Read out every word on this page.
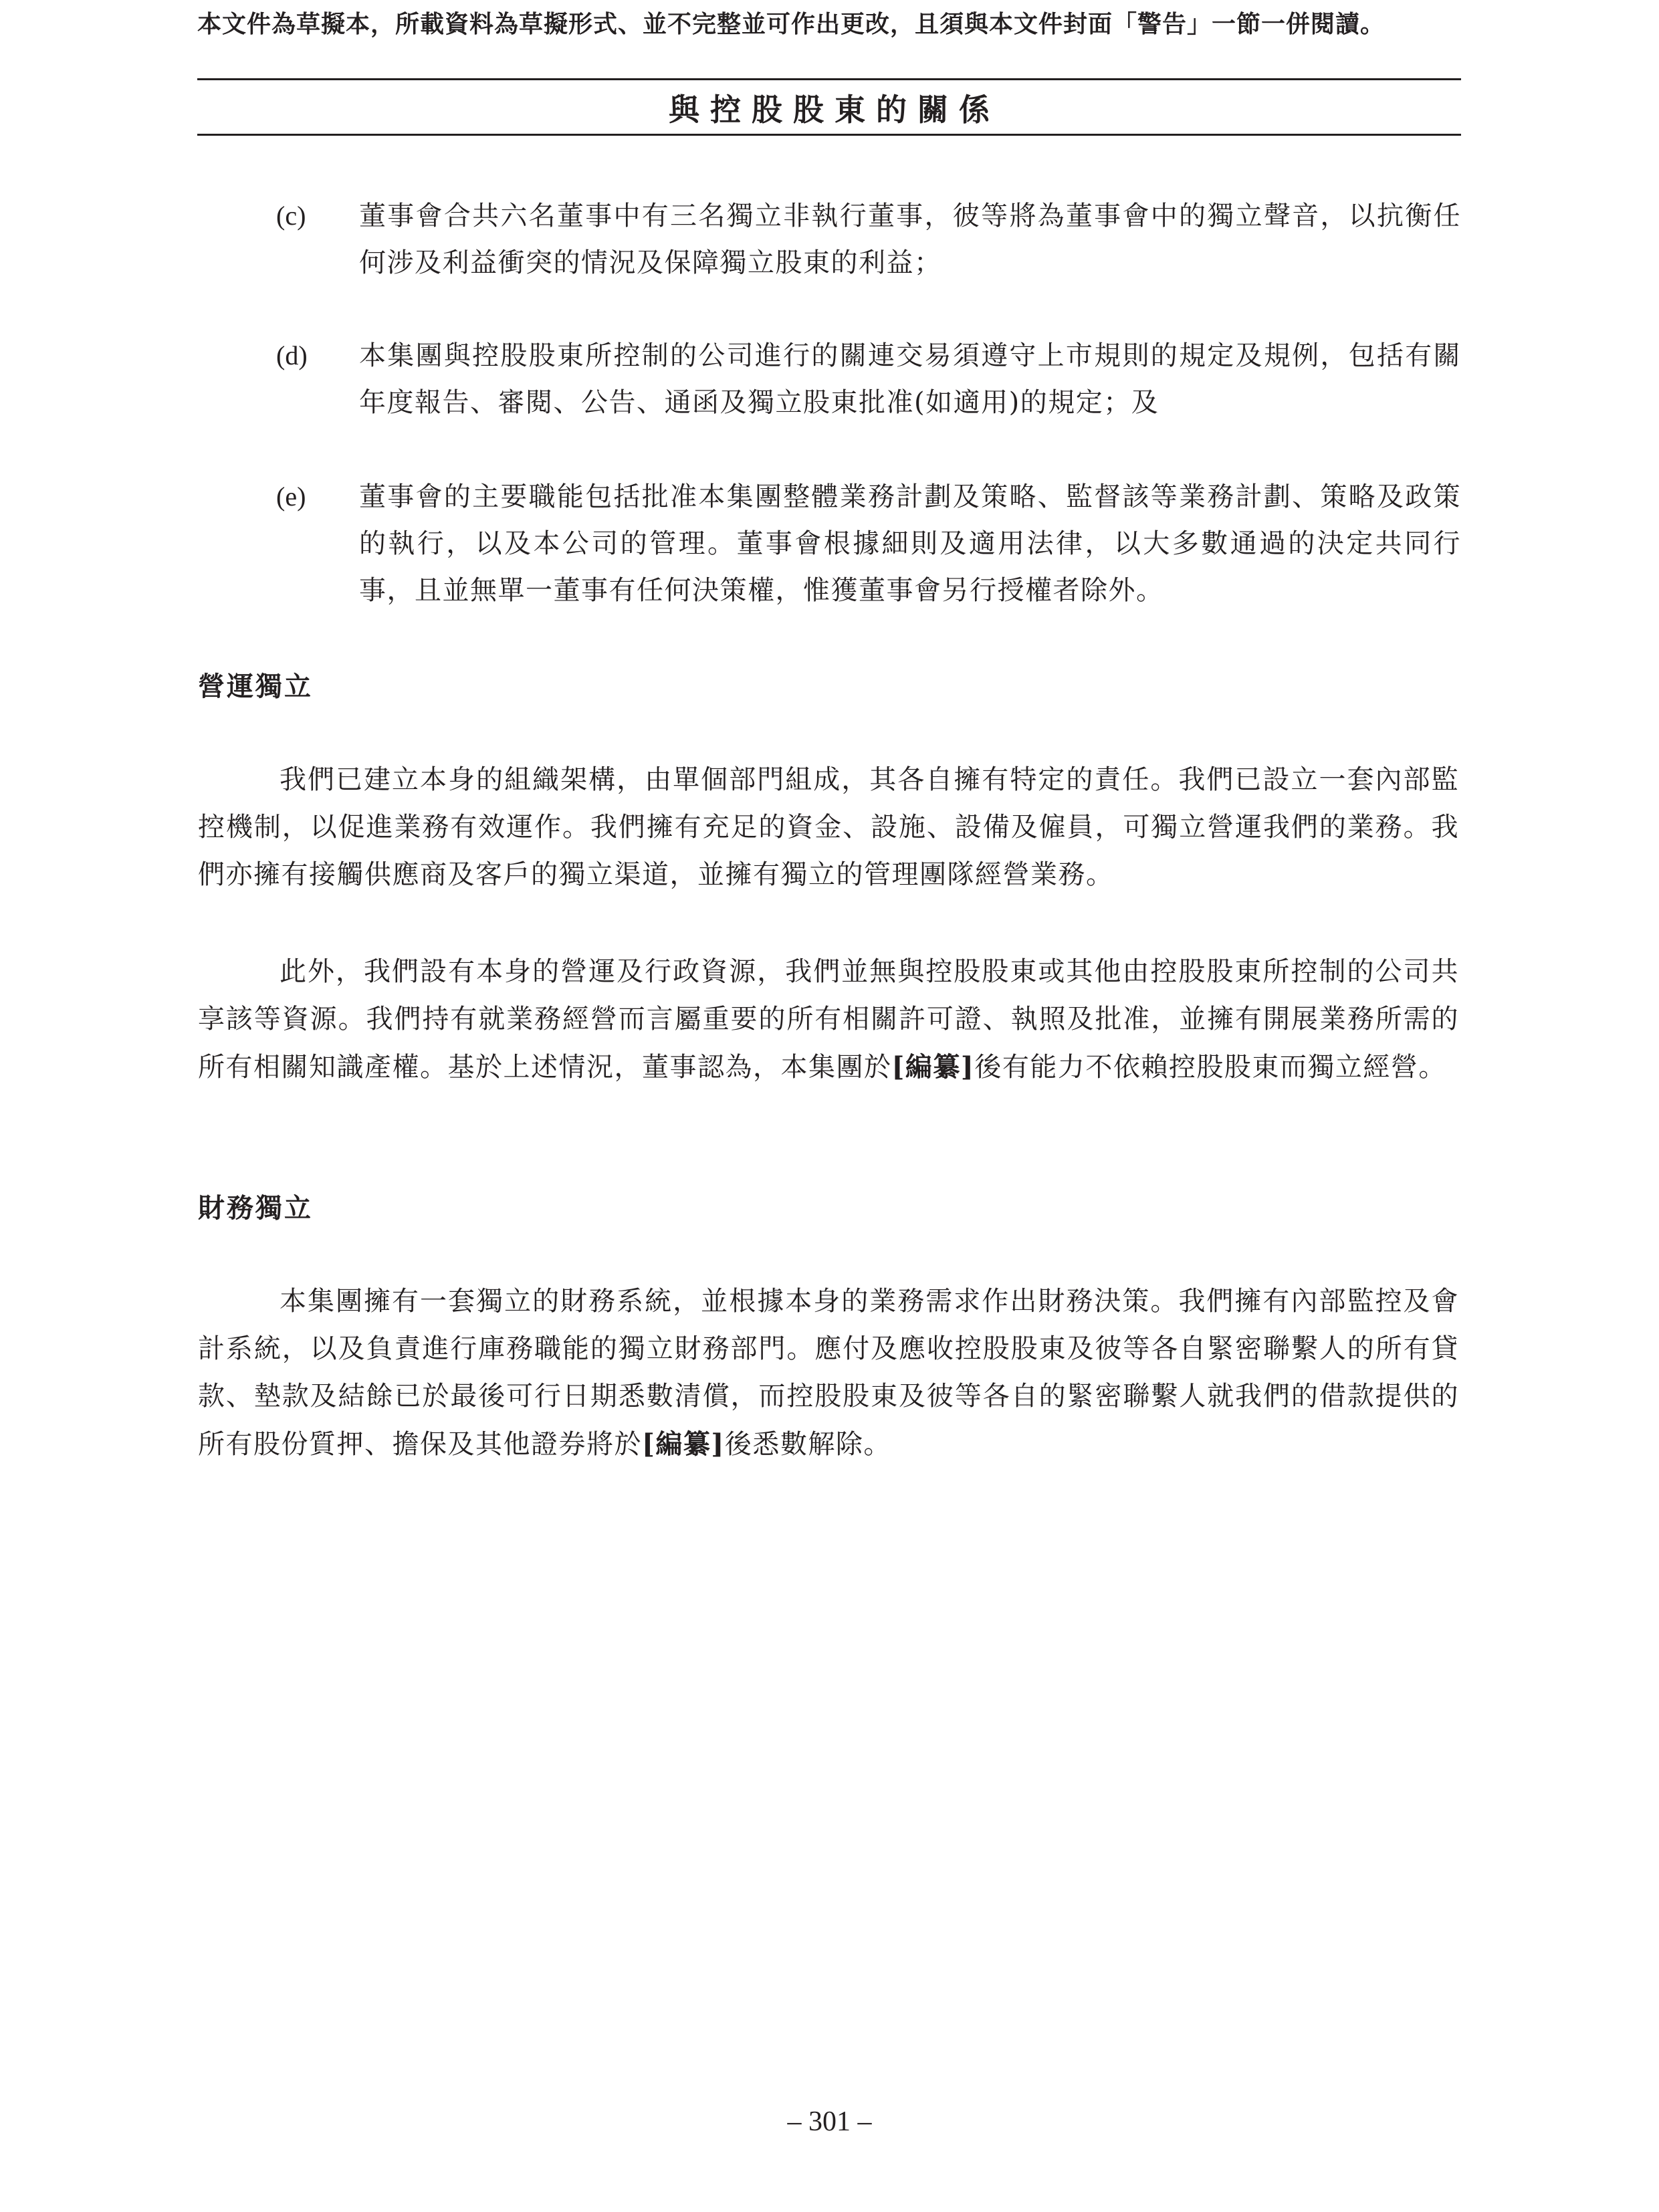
本文件為草擬本，所載資料為草擬形式、並不完整並可作出更改，且須與本文件封面「警告」一節一併閱讀。
與控股股東的關係
(c) 董事會合共六名董事中有三名獨立非執行董事，彼等將為董事會中的獨立聲音，以抗衡任何涉及利益衝突的情況及保障獨立股東的利益；
(d) 本集團與控股股東所控制的公司進行的關連交易須遵守上市規則的規定及規例，包括有關年度報告、審閱、公告、通函及獨立股東批准(如適用)的規定；及
(e) 董事會的主要職能包括批准本集團整體業務計劃及策略、監督該等業務計劃、策略及政策的執行，以及本公司的管理。董事會根據細則及適用法律，以大多數通過的決定共同行事，且並無單一董事有任何決策權，惟獲董事會另行授權者除外。
營運獨立
我們已建立本身的組織架構，由單個部門組成，其各自擁有特定的責任。我們已設立一套內部監控機制，以促進業務有效運作。我們擁有充足的資金、設施、設備及僱員，可獨立營運我們的業務。我們亦擁有接觸供應商及客戶的獨立渠道，並擁有獨立的管理團隊經營業務。
此外，我們設有本身的營運及行政資源，我們並無與控股股東或其他由控股股東所控制的公司共享該等資源。我們持有就業務經營而言屬重要的所有相關許可證、執照及批准，並擁有開展業務所需的所有相關知識產權。基於上述情況，董事認為，本集團於[編纂]後有能力不依賴控股股東而獨立經營。
財務獨立
本集團擁有一套獨立的財務系統，並根據本身的業務需求作出財務決策。我們擁有內部監控及會計系統，以及負責進行庫務職能的獨立財務部門。應付及應收控股股東及彼等各自緊密聯繫人的所有貸款、墊款及結餘已於最後可行日期悉數清償，而控股股東及彼等各自的緊密聯繫人就我們的借款提供的所有股份質押、擔保及其他證券將於[編纂]後悉數解除。
– 301 –
